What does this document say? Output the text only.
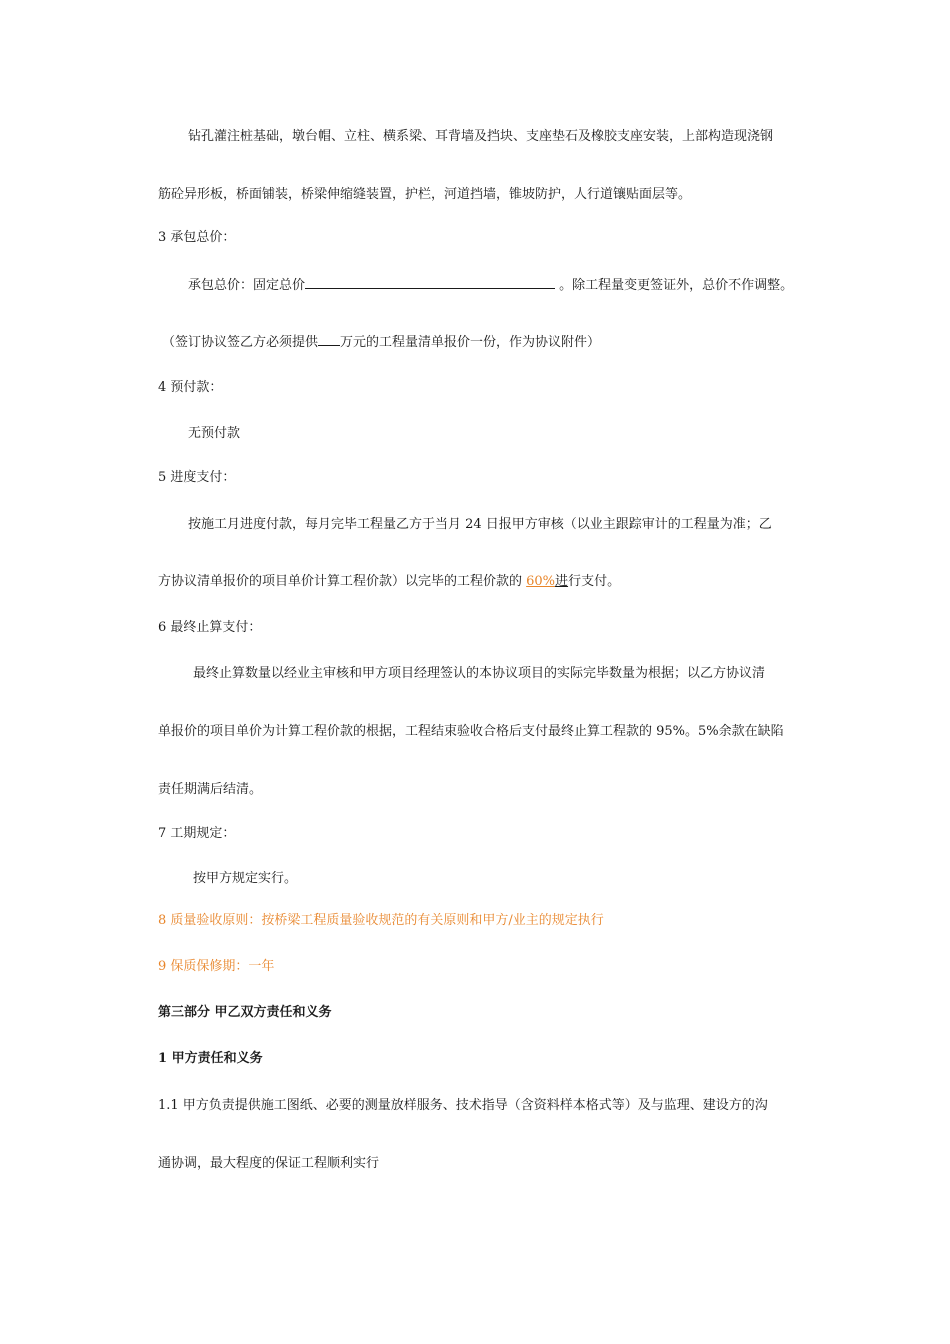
钻孔灌注桩基础，墩台帽、立柱、横系梁、耳背墙及挡块、支座垫石及橡胶支座安装，上部构造现浇钢
筋砼异形板，桥面铺装，桥梁伸缩缝装置，护栏，河道挡墙，锥坡防护，人行道镶贴面层等。
3 承包总价：
承包总价：固定总价	。除工程量变更签证外，总价不作调整。
（签订协议签乙方必须提供 万元的工程量清单报价一份，作为协议附件）
4 预付款：
无预付款
5 进度支付：
按施工月进度付款，每月完毕工程量乙方于当月 24 日报甲方审核（以业主跟踪审计的工程量为准；乙
方协议清单报价的项目单价计算工程价款）以完毕的工程价款的 60%进行支付。
6 最终止算支付：
最终止算数量以经业主审核和甲方项目经理签认的本协议项目的实际完毕数量为根据；以乙方协议清
单报价的项目单价为计算工程价款的根据，工程结束验收合格后支付最终止算工程款的 95%。5%余款在缺陷
责任期满后结清。
7 工期规定：
按甲方规定实行。
8 质量验收原则：按桥梁工程质量验收规范的有关原则和甲方/业主的规定执行
9 保质保修期：一年
第三部分 甲乙双方责任和义务
1 甲方责任和义务
1.1 甲方负责提供施工图纸、必要的测量放样服务、技术指导（含资料样本格式等）及与监理、建设方的沟
通协调，最大程度的保证工程顺利实行
